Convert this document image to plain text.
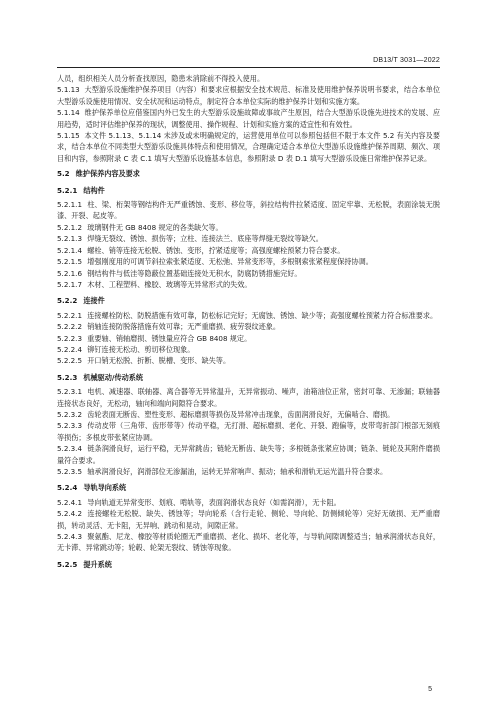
DB13/T 3031—2022

人员，组织相关人员分析查找原因，隐患未消除前不得投入使用。

5.1.13 大型游乐设施维护保养项目（内容）和要求应根据安全技术规范、标准及使用维护保养说明书要求，结合本单位大型游乐设施使用情况、安全状况和运动特点，制定符合本单位实际的维护保养计划和实施方案。

5.1.14 维护保养单位应借鉴国内外已发生的大型游乐设施故障或事故产生原因，结合大型游乐设施先进技术的发展、应用趋势，适时评估维护保养的现状，调整使用、操作规程、计划和实施方案的适宜性和有效性。

5.1.15 本文件 5.1.13、5.1.14 未涉及或未明确规定的，运营使用单位可以参照包括但不限于本文件 5.2 有关内容及要求，结合本单位不同类型大型游乐设施具体特点和使用情况，合理确定适合本单位大型游乐设施维护保养周期、频次、项目和内容，参照附录 C 表 C.1 填写大型游乐设施基本信息，参照附录 D 表 D.1 填写大型游乐设施日常维护保养记录。

5.2 维护保养内容及要求
5.2.1 结构件

5.2.1.1 柱、梁、桁架等钢结构件无严重锈蚀、变形、移位等，斜拉结构件拉紧适度、固定牢靠、无松脱，表面涂装无脱漆、开裂、起皮等。

5.2.1.2 玻璃钢件无 GB 8408 规定的各类缺欠等。

5.2.1.3 焊缝无裂纹、锈蚀、损伤等；立柱、连接法兰、底座等焊缝无裂纹等缺欠。

5.2.1.4 螺栓、销等连接无松脱、锈蚀、变形，拧紧适度等；高强度螺栓预紧力符合要求。

5.2.1.5 增强刚度用的可调节斜拉索张紧适度、无松弛、异常变形等，多根钢索张紧程度保持协调。

5.2.1.6 钢结构件与低洼等隐蔽位置基础连接处无积水，防腐防锈措施完好。

5.2.1.7 木材、工程塑料、橡胶、玻璃等无异常形式的失效。

5.2.2 连接件

5.2.2.1 连接螺栓防松、防脱措施有效可靠，防松标记完好；无腐蚀、锈蚀、缺少等；高强度螺栓预紧力符合标准要求。

5.2.2.2 销轴连接防脱落措施有效可靠；无严重磨损、疲劳裂纹迹象。

5.2.2.3 重要轴、销轴磨损、锈蚀量应符合 GB 8408 规定。

5.2.2.4 铆钉连接无松动、剪切移位现象。

5.2.2.5 开口销无松脱、折断、脱槽、变形、缺失等。

5.2.3 机械驱动/传动系统

5.2.3.1 电机、减速器、联轴器、离合器等无异常温升，无异常振动、噪声，油箱油位正常，密封可靠、无渗漏；联轴器连接状态良好，无松动，轴向和端向间隙符合要求。

5.2.3.2 齿轮表面无断齿、塑性变形、超标磨损等损伤及异常冲击现象，齿面润滑良好，无偏啮合、磨损。

5.2.3.3 传动皮带（三角带、齿形带等）传动平稳，无打滑、超标磨损、老化、开裂、跑偏等，皮带弯折部门根部无刻痕等损伤；多根皮带张紧应协调。

5.2.3.4 链条润滑良好，运行平稳，无异常跳齿；链轮无断齿、缺失等；多根链条张紧应协调；链条、链轮及其附件磨损量符合要求。

5.2.3.5 轴承润滑良好，润滑部位无渗漏油，运转无异常响声、振动；轴承和滑轨无运光温升符合要求。

5.2.4 导轨导向系统

5.2.4.1 导向轨道无异常变形、划痕、啃轨等，表面润滑状态良好（如需润滑），无卡阻。

5.2.4.2 连接螺栓无松脱、缺失、锈蚀等；导向轮系（含行走轮、侧轮、导向轮、防侧倾轮等）完好无破损、无严重磨损，转动灵活、无卡阻，无异响、跳动和晃动，间隙正常。

5.2.4.3 聚氨酯、尼龙、橡胶等材质轮圈无严重磨损、老化、损坏、老化等，与导轨间隙调整适当；轴承润滑状态良好，无卡滞、异常跳动等；轮毂、轮架无裂纹、锈蚀等现象。

5.2.5 提升系统
5
